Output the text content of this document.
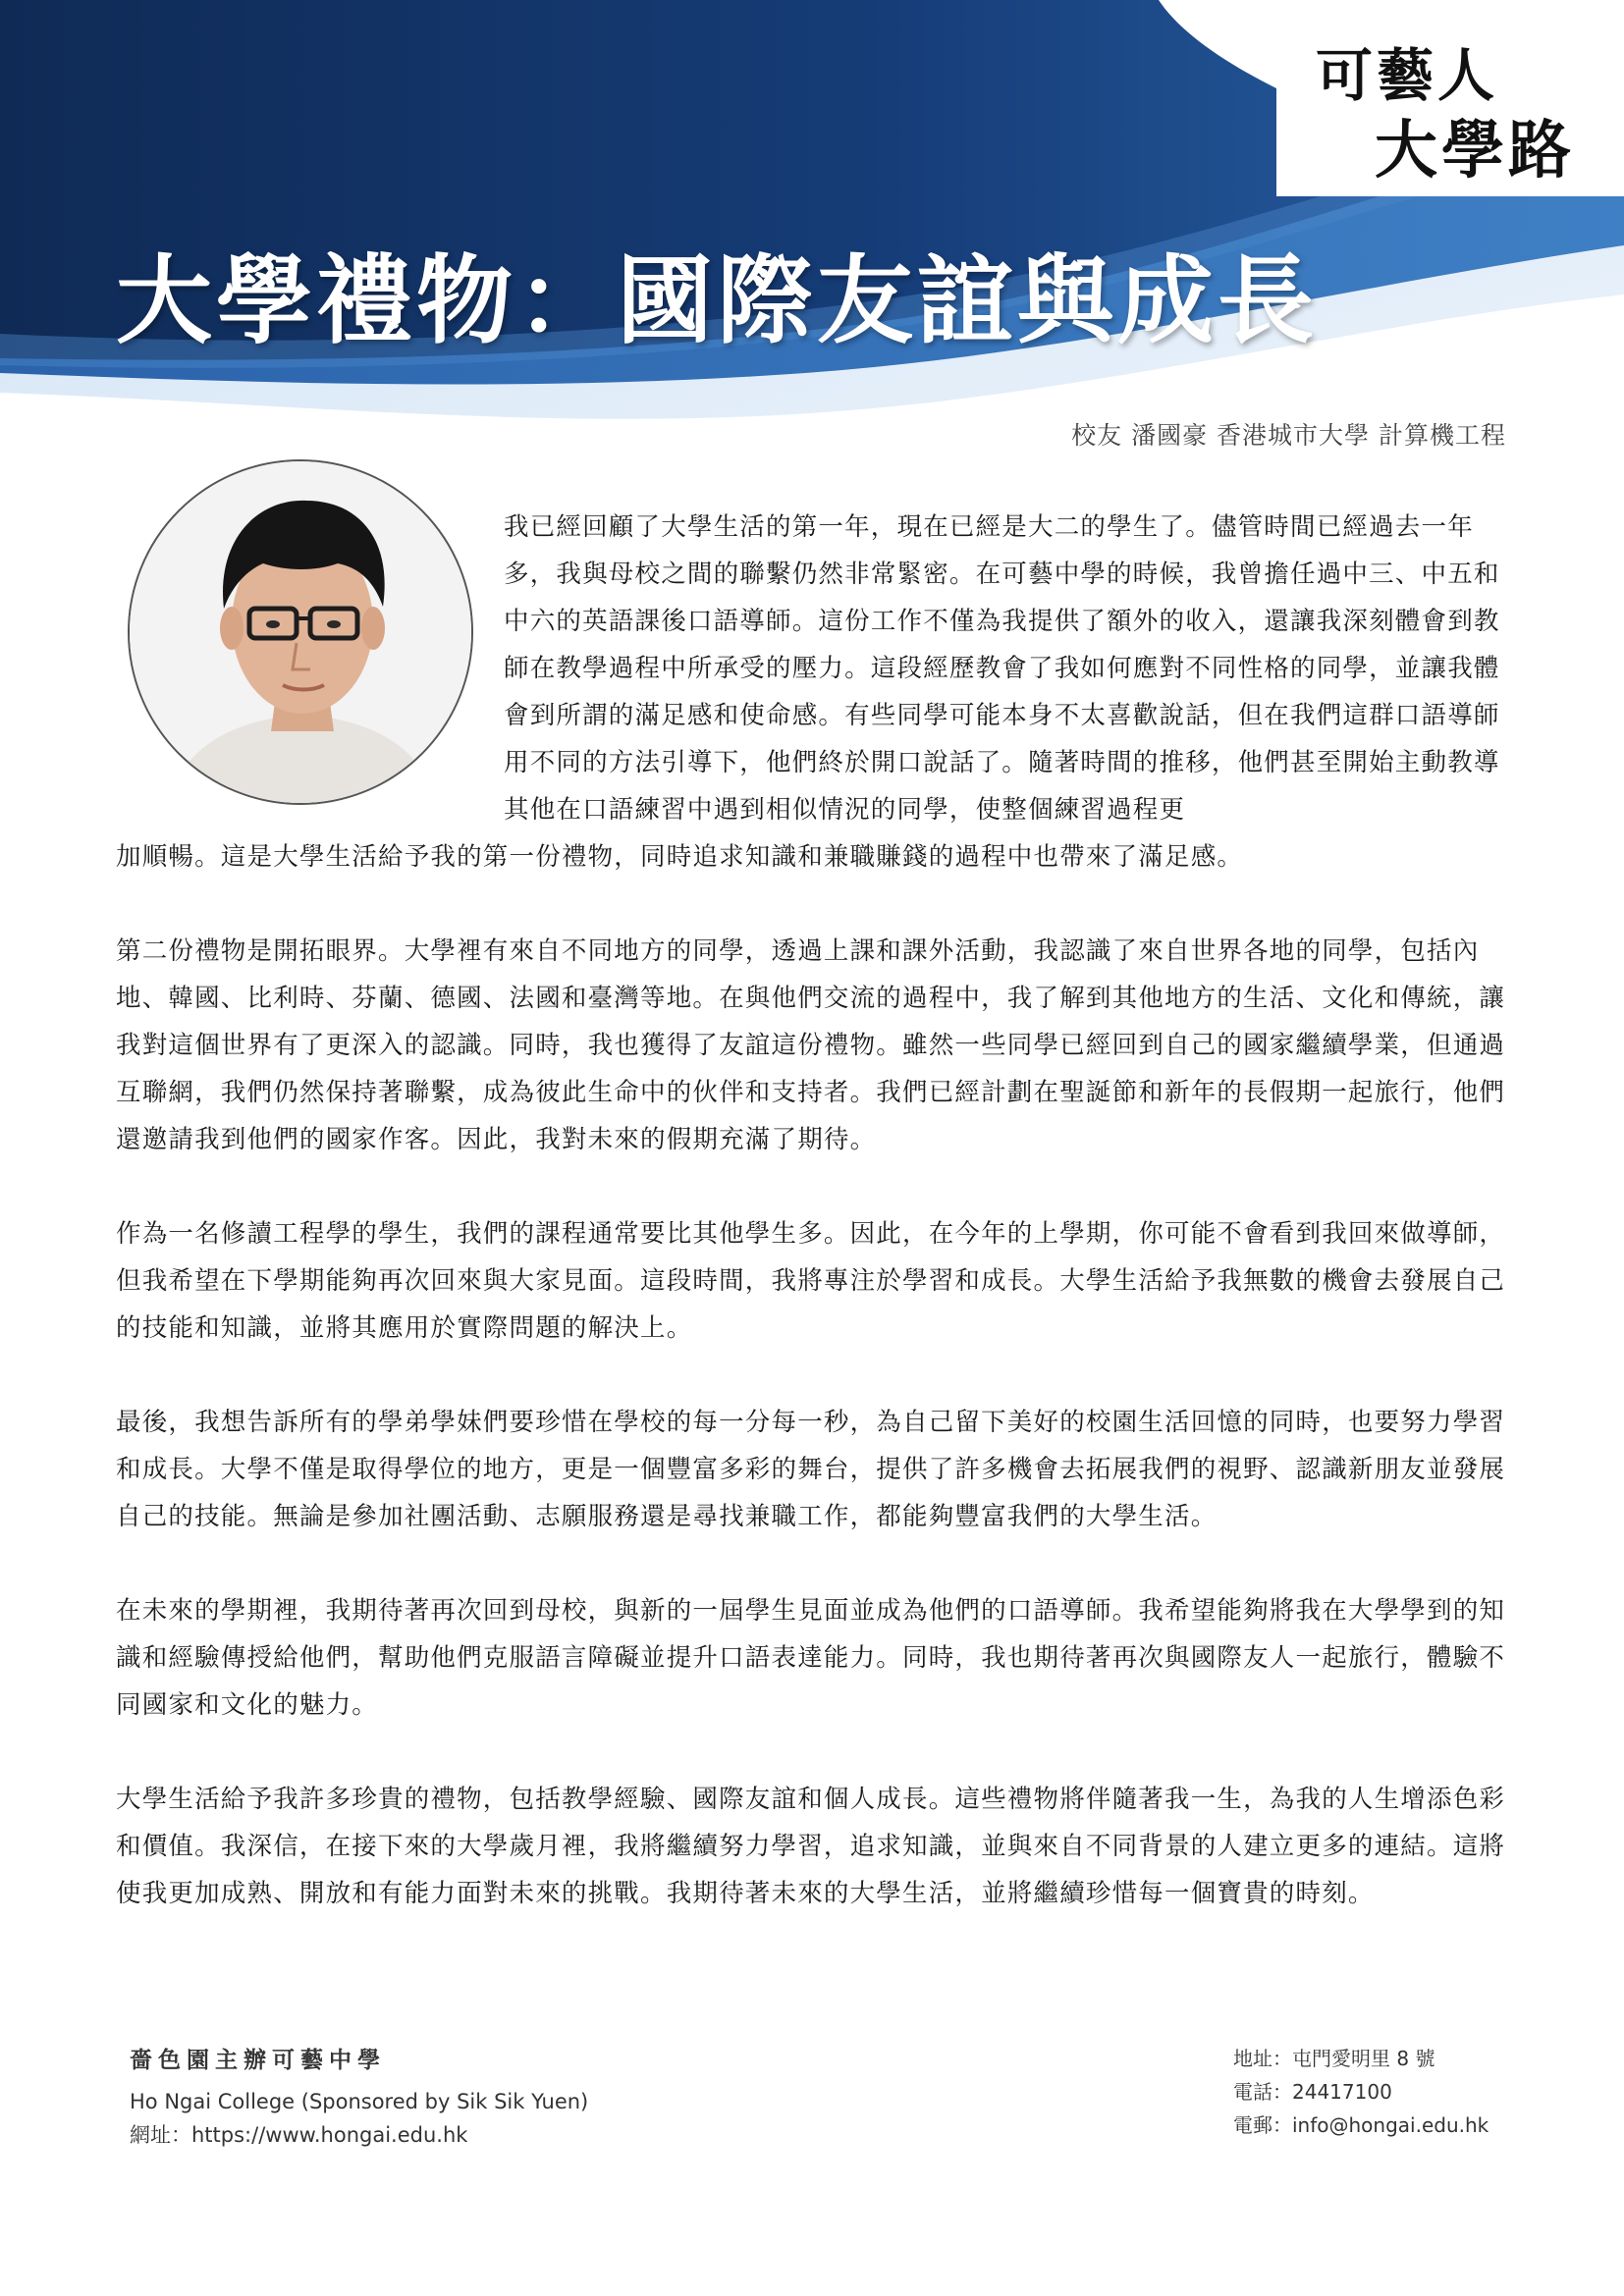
可藝人
大學路
大學禮物：國際友誼與成長
校友 潘國豪 香港城市大學 計算機工程

我已經回顧了大學生活的第一年，現在已經是大二的學生了。儘管時間已經過去一年多，我與母校之間的聯繫仍然非常緊密。在可藝中學的時候，我曾擔任過中三、中五和中六的英語課後口語導師。這份工作不僅為我提供了額外的收入，還讓我深刻體會到教師在教學過程中所承受的壓力。這段經歷教會了我如何應對不同性格的同學，並讓我體會到所謂的滿足感和使命感。有些同學可能本身不太喜歡說話，但在我們這群口語導師用不同的方法引導下，他們終於開口說話了。隨著時間的推移，他們甚至開始主動教導其他在口語練習中遇到相似情況的同學，使整個練習過程更

加順暢。這是大學生活給予我的第一份禮物，同時追求知識和兼職賺錢的過程中也帶來了滿足感。

第二份禮物是開拓眼界。大學裡有來自不同地方的同學，透過上課和課外活動，我認識了來自世界各地的同學，包括內地、韓國、比利時、芬蘭、德國、法國和臺灣等地。在與他們交流的過程中，我了解到其他地方的生活、文化和傳統，讓我對這個世界有了更深入的認識。同時，我也獲得了友誼這份禮物。雖然一些同學已經回到自己的國家繼續學業，但通過互聯網，我們仍然保持著聯繫，成為彼此生命中的伙伴和支持者。我們已經計劃在聖誕節和新年的長假期一起旅行，他們還邀請我到他們的國家作客。因此，我對未來的假期充滿了期待。

作為一名修讀工程學的學生，我們的課程通常要比其他學生多。因此，在今年的上學期，你可能不會看到我回來做導師，但我希望在下學期能夠再次回來與大家見面。這段時間，我將專注於學習和成長。大學生活給予我無數的機會去發展自己的技能和知識，並將其應用於實際問題的解決上。

最後，我想告訴所有的學弟學妹們要珍惜在學校的每一分每一秒，為自己留下美好的校園生活回憶的同時，也要努力學習和成長。大學不僅是取得學位的地方，更是一個豐富多彩的舞台，提供了許多機會去拓展我們的視野、認識新朋友並發展自己的技能。無論是參加社團活動、志願服務還是尋找兼職工作，都能夠豐富我們的大學生活。

在未來的學期裡，我期待著再次回到母校，與新的一屆學生見面並成為他們的口語導師。我希望能夠將我在大學學到的知識和經驗傳授給他們，幫助他們克服語言障礙並提升口語表達能力。同時，我也期待著再次與國際友人一起旅行，體驗不同國家和文化的魅力。

大學生活給予我許多珍貴的禮物，包括教學經驗、國際友誼和個人成長。這些禮物將伴隨著我一生，為我的人生增添色彩和價值。我深信，在接下來的大學歲月裡，我將繼續努力學習，追求知識，並與來自不同背景的人建立更多的連結。這將使我更加成熟、開放和有能力面對未來的挑戰。我期待著未來的大學生活，並將繼續珍惜每一個寶貴的時刻。

嗇色園主辦可藝中學
Ho Ngai College (Sponsored by Sik Sik Yuen)
網址：https://www.hongai.edu.hk
地址：屯門愛明里 8 號
電話：24417100
電郵：info@hongai.edu.hk
